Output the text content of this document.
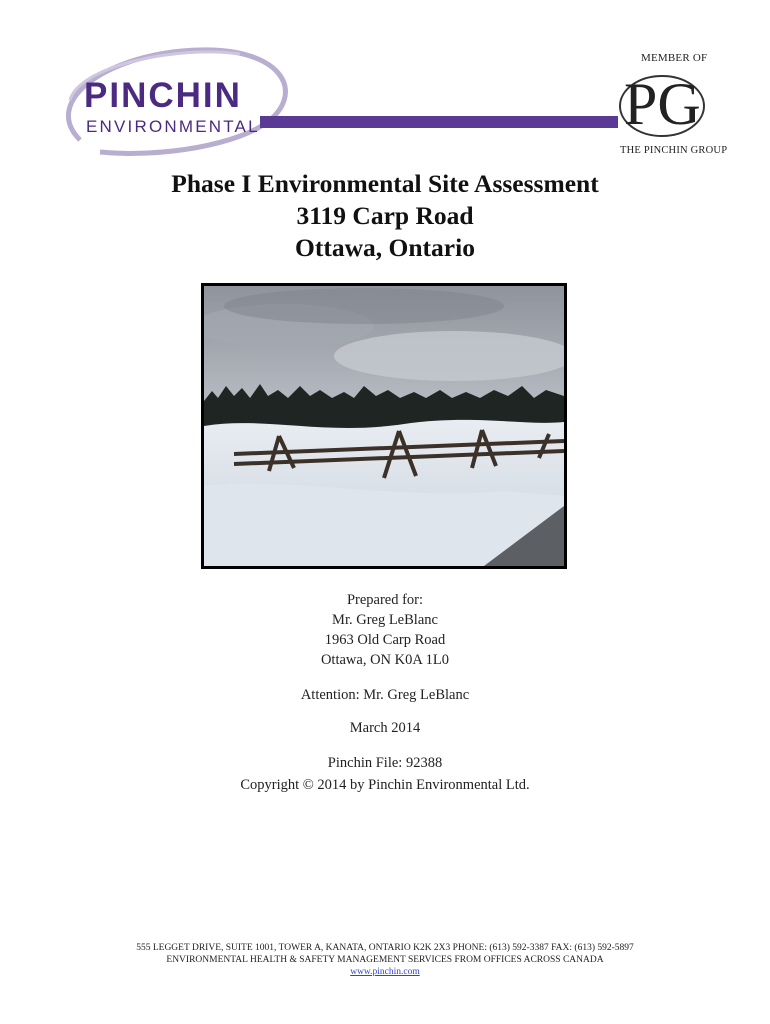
PINCHIN
ENVIRONMENTAL
MEMBER OF
PG
THE PINCHIN GROUP
Phase I Environmental Site Assessment
3119 Carp Road
Ottawa, Ontario
Prepared for:
Mr. Greg LeBlanc
1963 Old Carp Road
Ottawa, ON K0A 1L0
Attention: Mr. Greg LeBlanc
March 2014
Pinchin File: 92388
Copyright © 2014 by Pinchin Environmental Ltd.
555 LEGGET DRIVE, SUITE 1001, TOWER A, KANATA, ONTARIO K2K 2X3 PHONE: (613) 592-3387 FAX: (613) 592-5897
ENVIRONMENTAL HEALTH & SAFETY MANAGEMENT SERVICES FROM OFFICES ACROSS CANADA
www.pinchin.com
